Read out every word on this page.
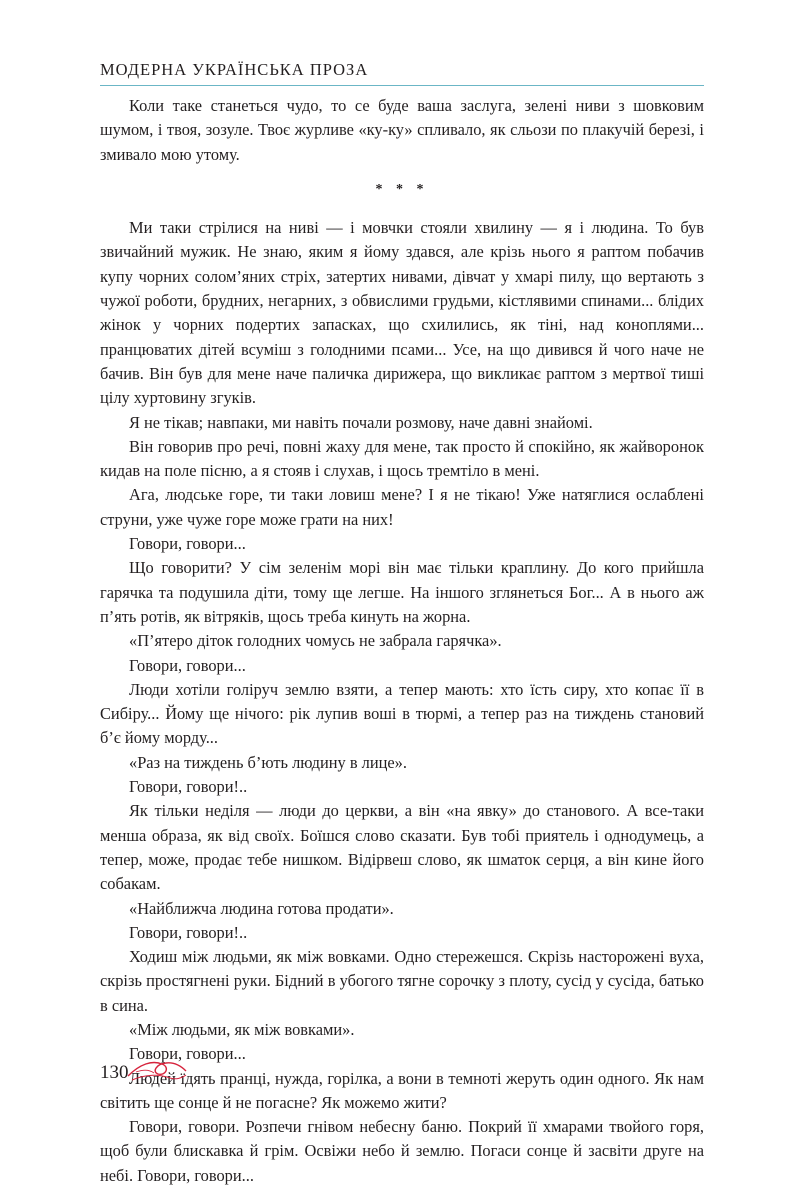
МОДЕРНА УКРАЇНСЬКА ПРОЗА

Коли таке станеться чудо, то се буде ваша заслуга, зелені ниви з шовковим шумом, і твоя, зозуле. Твоє журливе «ку-ку» спливало, як сльози по плакучій березі, і змивало мою утому.

* * *

Ми таки стрілися на ниві — і мовчки стояли хвилину — я і людина. То був звичайний мужик. Не знаю, яким я йому здався, але крізь нього я раптом побачив купу чорних солом’яних стріх, затертих нивами, дівчат у хмарі пилу, що вертають з чужої роботи, брудних, негарних, з обвислими грудьми, кістлявими спинами... блідих жінок у чорних подертих запасках, що схилились, як тіні, над коноплями... пранцюватих дітей всуміш з голодними псами... Усе, на що дивився й чого наче не бачив. Він був для мене наче паличка дирижера, що викликає раптом з мертвої тиші цілу хуртовину згуків.

Я не тікав; навпаки, ми навіть почали розмову, наче давні знайомі.

Він говорив про речі, повні жаху для мене, так просто й спокійно, як жайворонок кидав на поле пісню, а я стояв і слухав, і щось тремтіло в мені.

Ага, людське горе, ти таки ловиш мене? І я не тікаю! Уже натяглися ослаблені струни, уже чуже горе може грати на них!

Говори, говори...

Що говорити? У сім зеленім морі він має тільки краплину. До кого прийшла гарячка та подушила діти, тому ще легше. На іншого зглянеться Бог... А в нього аж п’ять ротів, як вітряків, щось треба кинуть на жорна.

«П’ятеро діток голодних чомусь не забрала гарячка».

Говори, говори...

Люди хотіли голіруч землю взяти, а тепер мають: хто їсть сиру, хто копає її в Сибіру... Йому ще нічого: рік лупив воші в тюрмі, а тепер раз на тиждень становий б’є йому морду...

«Раз на тиждень б’ють людину в лице».

Говори, говори!..

Як тільки неділя — люди до церкви, а він «на явку» до станового. А все-таки менша образа, як від своїх. Боїшся слово сказати. Був тобі приятель і однодумець, а тепер, може, продає тебе нишком. Відірвеш слово, як шматок серця, а він кине його собакам.

«Найближча людина готова продати».

Говори, говори!..

Ходиш між людьми, як між вовками. Одно стережешся. Скрізь насторожені вуха, скрізь простягнені руки. Бідний в убогого тягне сорочку з плоту, сусід у сусіда, батько в сина.

«Між людьми, як між вовками».

Говори, говори...

Людей їдять пранці, нужда, горілка, а вони в темноті жеруть один одного. Як нам світить ще сонце й не погасне? Як можемо жити?

Говори, говори. Розпечи гнівом небесну баню. Покрий її хмарами твойого горя, щоб були блискавка й грім. Освіжи небо й землю. Погаси сонце й засвіти друге на небі. Говори, говори...

130
